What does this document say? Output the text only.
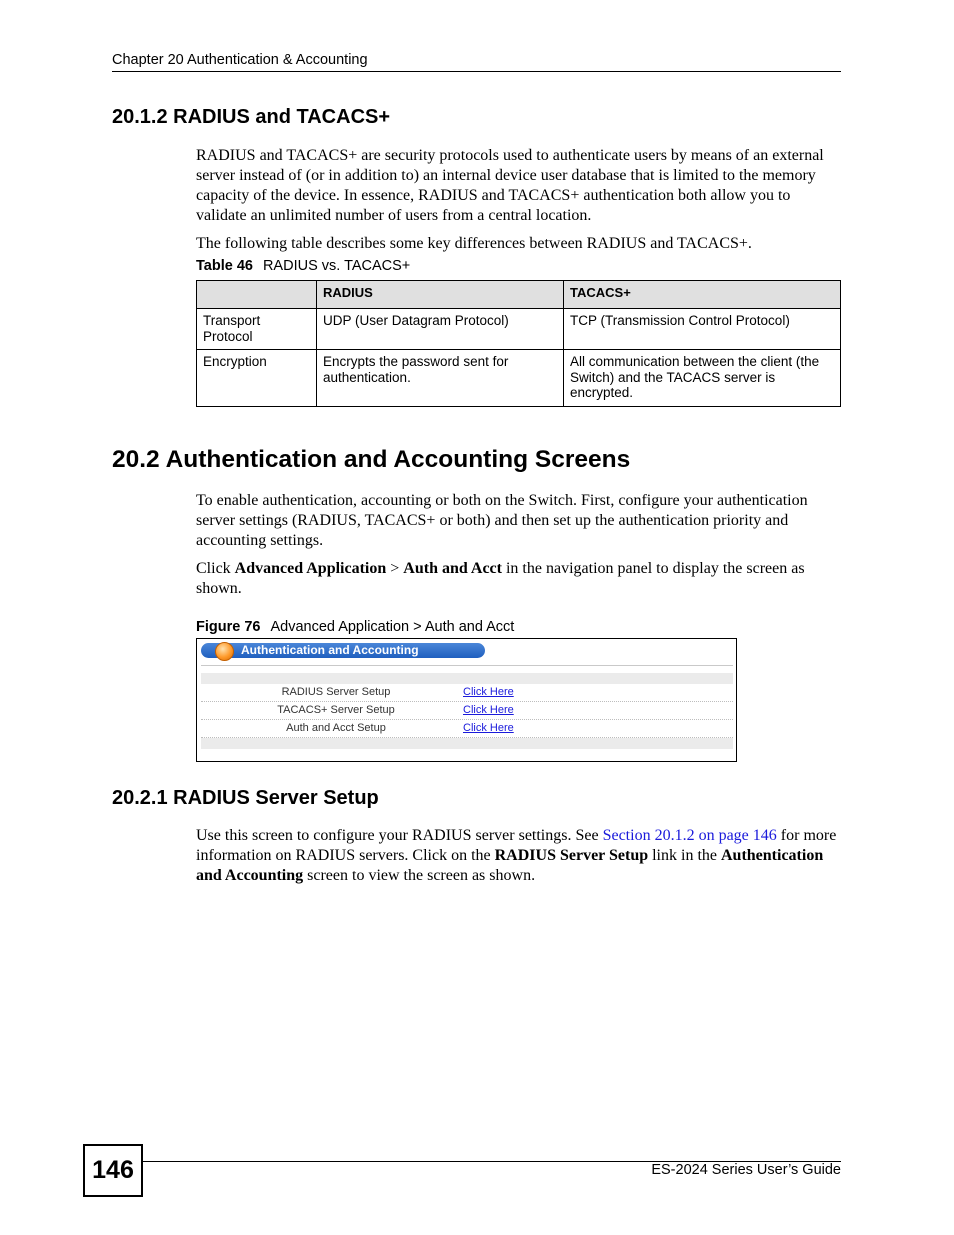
Chapter 20 Authentication & Accounting
20.1.2 RADIUS and TACACS+

RADIUS and TACACS+ are security protocols used to authenticate users by means of an external server instead of (or in addition to) an internal device user database that is limited to the memory capacity of the device. In essence, RADIUS and TACACS+ authentication both allow you to validate an unlimited number of users from a central location.

The following table describes some key differences between RADIUS and TACACS+.

Table 46 RADIUS vs. TACACS+
	RADIUS	TACACS+
Transport Protocol	UDP (User Datagram Protocol)	TCP (Transmission Control Protocol)
Encryption	Encrypts the password sent for authentication.	All communication between the client (the Switch) and the TACACS server is encrypted.
20.2 Authentication and Accounting Screens

To enable authentication, accounting or both on the Switch. First, configure your authentication server settings (RADIUS, TACACS+ or both) and then set up the authentication priority and accounting settings.

Click Advanced Application > Auth and Acct in the navigation panel to display the screen as shown.

Figure 76 Advanced Application > Auth and Acct
Authentication and Accounting
RADIUS Server Setup	Click Here
TACACS+ Server Setup	Click Here
Auth and Acct Setup	Click Here
20.2.1 RADIUS Server Setup

Use this screen to configure your RADIUS server settings. See Section 20.1.2 on page 146 for more information on RADIUS servers. Click on the RADIUS Server Setup link in the Authentication and Accounting screen to view the screen as shown.

146	ES-2024 Series User’s Guide
